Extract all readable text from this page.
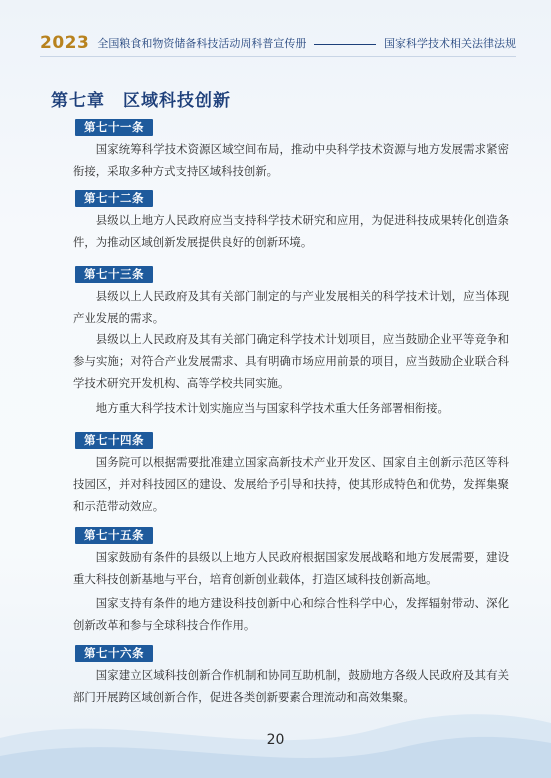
2023 全国粮食和物资储备科技活动周科普宣传册	国家科学技术相关法律法规
第七章 区域科技创新
第七十一条
国家统筹科学技术资源区域空间布局，推动中央科学技术资源与地方发展需求紧密衔接，采取多种方式支持区域科技创新。
第七十二条
县级以上地方人民政府应当支持科学技术研究和应用，为促进科技成果转化创造条件，为推动区域创新发展提供良好的创新环境。
第七十三条
县级以上人民政府及其有关部门制定的与产业发展相关的科学技术计划，应当体现产业发展的需求。
县级以上人民政府及其有关部门确定科学技术计划项目，应当鼓励企业平等竞争和参与实施；对符合产业发展需求、具有明确市场应用前景的项目，应当鼓励企业联合科学技术研究开发机构、高等学校共同实施。
地方重大科学技术计划实施应当与国家科学技术重大任务部署相衔接。
第七十四条
国务院可以根据需要批准建立国家高新技术产业开发区、国家自主创新示范区等科技园区，并对科技园区的建设、发展给予引导和扶持，使其形成特色和优势，发挥集聚和示范带动效应。
第七十五条
国家鼓励有条件的县级以上地方人民政府根据国家发展战略和地方发展需要，建设重大科技创新基地与平台，培育创新创业载体，打造区域科技创新高地。
国家支持有条件的地方建设科技创新中心和综合性科学中心，发挥辐射带动、深化创新改革和参与全球科技合作作用。
第七十六条
国家建立区域科技创新合作机制和协同互助机制，鼓励地方各级人民政府及其有关部门开展跨区域创新合作，促进各类创新要素合理流动和高效集聚。
20
